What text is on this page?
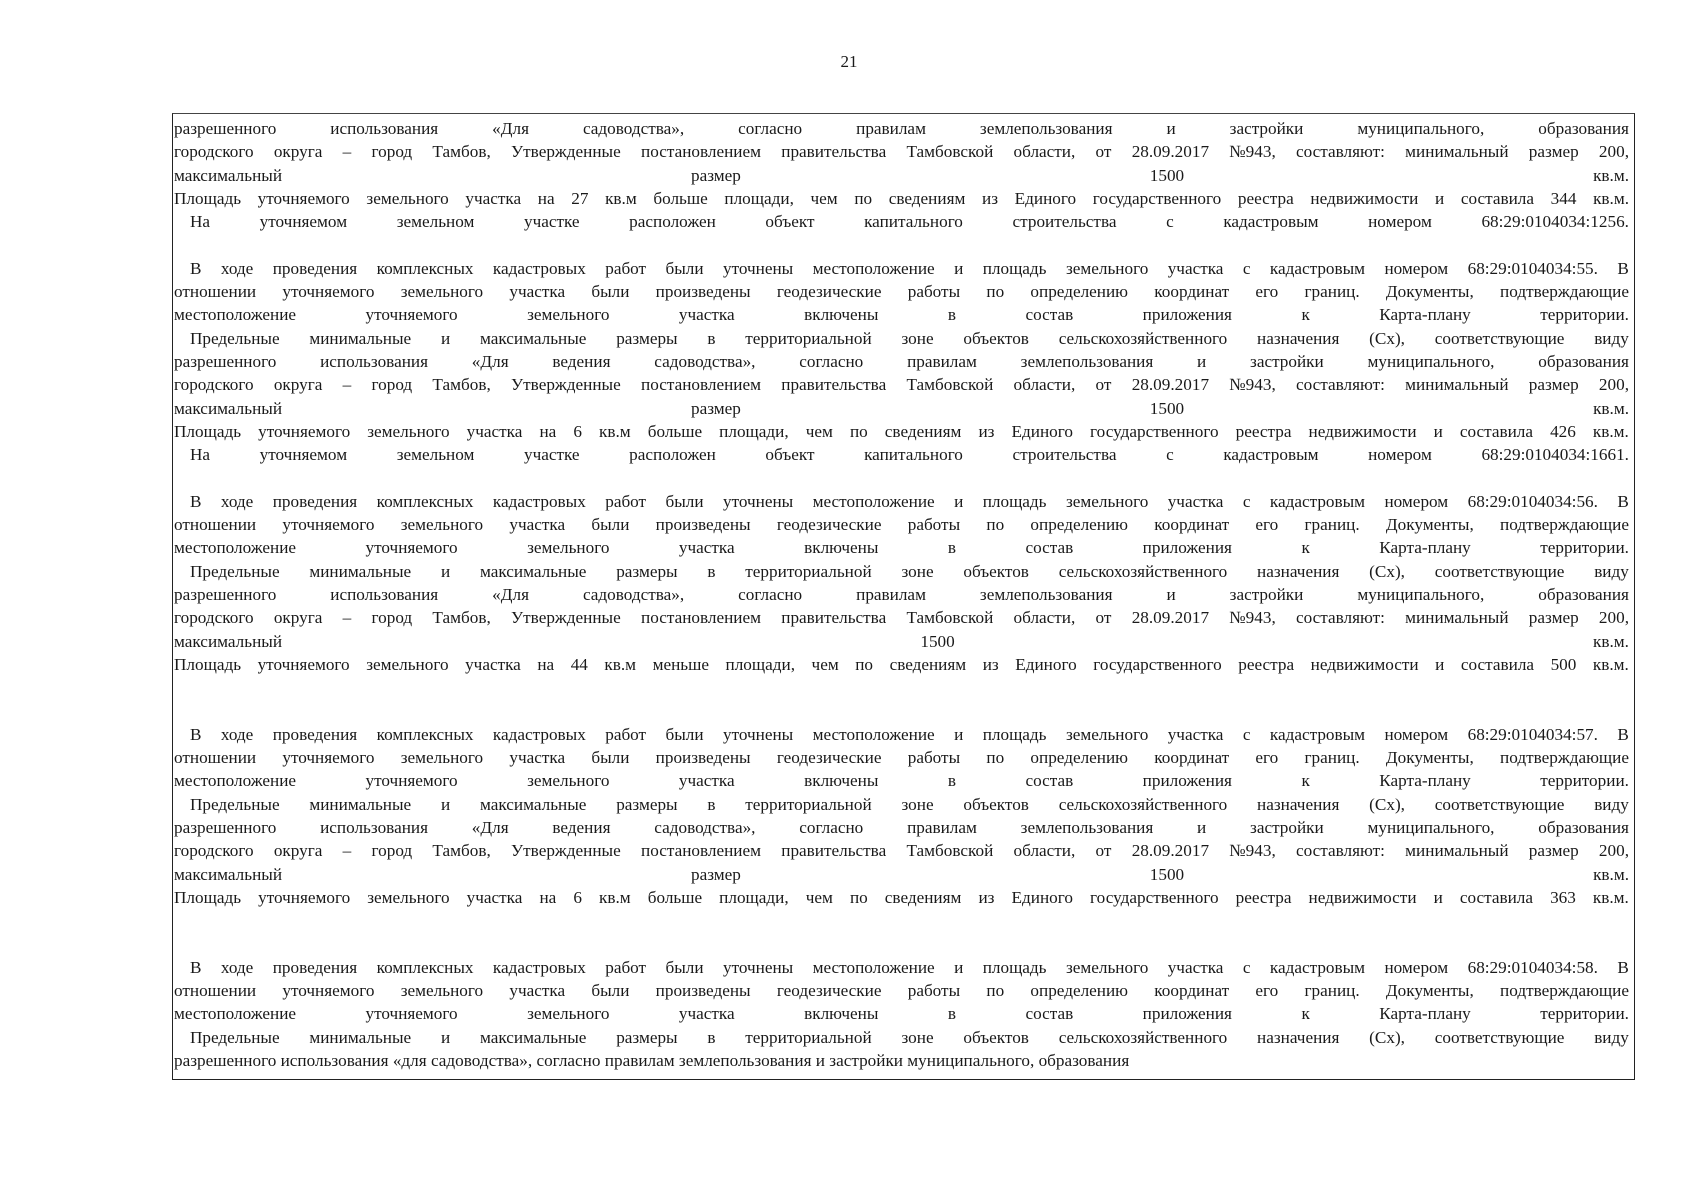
21
разрешенного	использования	«Для	садоводства»,	согласно	правилам	землепользования	и	застройки	муниципального,	образования
городского округа – город Тамбов, Утвержденные постановлением правительства Тамбовской области, от 28.09.2017 №943, составляют: минимальный размер 200,
максимальный	размер	1500	кв.м.
Площадь уточняемого земельного участка на 27 кв.м больше площади, чем по сведениям из Единого государственного реестра недвижимости и составила 344 кв.м.
На	уточняемом	земельном	участке	расположен	объект	капитального	строительства	с	кадастровым	номером	68:29:0104034:1256.
В ходе проведения комплексных кадастровых работ были уточнены местоположение и площадь земельного участка с кадастровым номером 68:29:0104034:55. В
отношении уточняемого земельного участка были произведены геодезические работы по определению координат его границ. Документы, подтверждающие
местоположение	уточняемого	земельного	участка	включены	в	состав	приложения	к	Карта-плану	территории.
Предельные минимальные и максимальные размеры в территориальной зоне объектов сельскохозяйственного назначения (Сх), соответствующие виду
разрешенного	использования	«Для	ведения	садоводства»,	согласно	правилам	землепользования	и	застройки	муниципального,	образования
городского округа – город Тамбов, Утвержденные постановлением правительства Тамбовской области, от 28.09.2017 №943, составляют: минимальный размер 200,
максимальный	размер	1500	кв.м.
Площадь уточняемого земельного участка на 6 кв.м больше площади, чем по сведениям из Единого государственного реестра недвижимости и составила 426 кв.м.
На	уточняемом	земельном	участке	расположен	объект	капитального	строительства	с	кадастровым	номером	68:29:0104034:1661.
В ходе проведения комплексных кадастровых работ были уточнены местоположение и площадь земельного участка с кадастровым номером 68:29:0104034:56. В
отношении уточняемого земельного участка были произведены геодезические работы по определению координат его границ. Документы, подтверждающие
местоположение	уточняемого	земельного	участка	включены	в	состав	приложения	к	Карта-плану	территории.
Предельные минимальные и максимальные размеры в территориальной зоне объектов сельскохозяйственного назначения (Сх), соответствующие виду
разрешенного	использования	«Для	садоводства»,	согласно	правилам	землепользования	и	застройки	муниципального,	образования
городского округа – город Тамбов, Утвержденные постановлением правительства Тамбовской области, от 28.09.2017 №943, составляют: минимальный размер 200,
максимальный	1500	кв.м.
Площадь уточняемого земельного участка на 44 кв.м меньше площади, чем по сведениям из Единого государственного реестра недвижимости и составила 500 кв.м.
В ходе проведения комплексных кадастровых работ были уточнены местоположение и площадь земельного участка с кадастровым номером 68:29:0104034:57. В
отношении уточняемого земельного участка были произведены геодезические работы по определению координат его границ. Документы, подтверждающие
местоположение	уточняемого	земельного	участка	включены	в	состав	приложения	к	Карта-плану	территории.
Предельные минимальные и максимальные размеры в территориальной зоне объектов сельскохозяйственного назначения (Сх), соответствующие виду
разрешенного	использования	«Для	ведения	садоводства»,	согласно	правилам	землепользования	и	застройки	муниципального,	образования
городского округа – город Тамбов, Утвержденные постановлением правительства Тамбовской области, от 28.09.2017 №943, составляют: минимальный размер 200,
максимальный	размер	1500	кв.м.
Площадь уточняемого земельного участка на 6 кв.м больше площади, чем по сведениям из Единого государственного реестра недвижимости и составила 363 кв.м.
В ходе проведения комплексных кадастровых работ были уточнены местоположение и площадь земельного участка с кадастровым номером 68:29:0104034:58. В
отношении уточняемого земельного участка были произведены геодезические работы по определению координат его границ. Документы, подтверждающие
местоположение	уточняемого	земельного	участка	включены	в	состав	приложения	к	Карта-плану	территории.
Предельные минимальные и максимальные размеры в территориальной зоне объектов сельскохозяйственного назначения (Сх), соответствующие виду
разрешенного использования «для садоводства», согласно правилам землепользования и застройки муниципального, образования
